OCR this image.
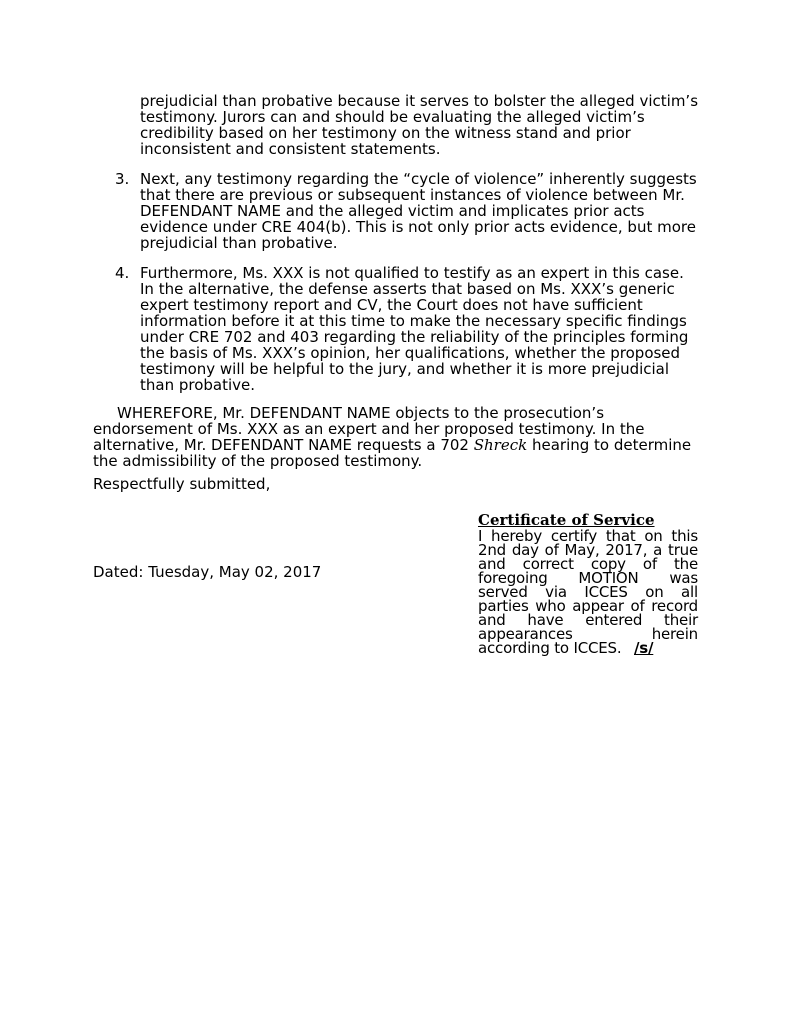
prejudicial than probative because it serves to bolster the alleged victim’s testimony. Jurors can and should be evaluating the alleged victim’s credibility based on her testimony on the witness stand and prior inconsistent and consistent statements.
3. Next, any testimony regarding the “cycle of violence” inherently suggests that there are previous or subsequent instances of violence between Mr. DEFENDANT NAME and the alleged victim and implicates prior acts evidence under CRE 404(b). This is not only prior acts evidence, but more prejudicial than probative.
4. Furthermore, Ms. XXX is not qualified to testify as an expert in this case. In the alternative, the defense asserts that based on Ms. XXX’s generic expert testimony report and CV, the Court does not have sufficient information before it at this time to make the necessary specific findings under CRE 702 and 403 regarding the reliability of the principles forming the basis of Ms. XXX’s opinion, her qualifications, whether the proposed testimony will be helpful to the jury, and whether it is more prejudicial than probative.
WHEREFORE, Mr. DEFENDANT NAME objects to the prosecution’s endorsement of Ms. XXX as an expert and her proposed testimony. In the alternative, Mr. DEFENDANT NAME requests a 702 Shreck hearing to determine the admissibility of the proposed testimony.
Respectfully submitted,
Dated: Tuesday, May 02, 2017
Certificate of Service
I hereby certify that on this 2nd day of May, 2017, a true and correct copy of the foregoing MOTION was served via ICCES on all parties who appear of record and have entered their appearances herein according to ICCES. /s/
